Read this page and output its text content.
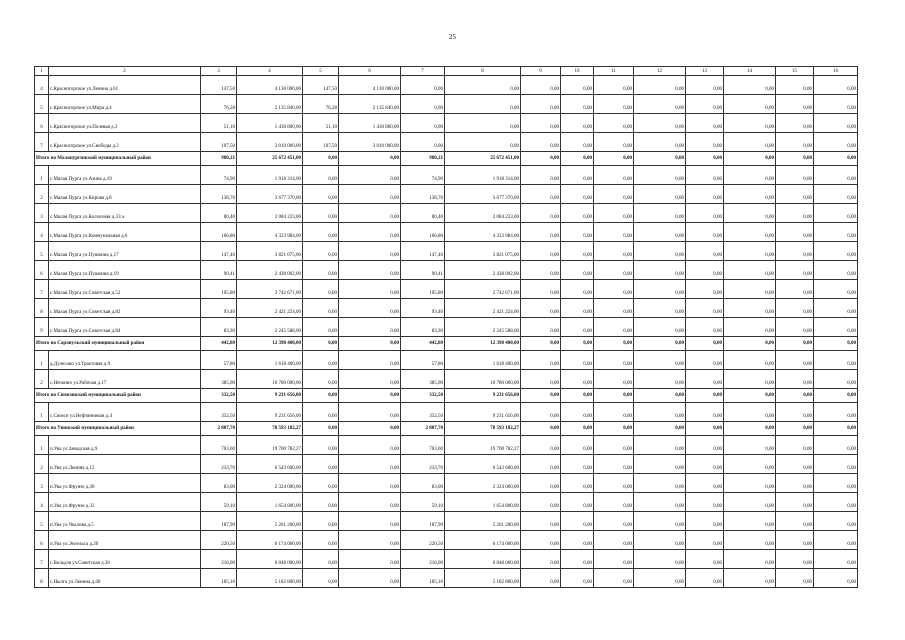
25
1	2	3	4	5	6	7	8	9	10	11	12	13	14	15	16
4	с.Красногорское ул.Ленина д.61	147,50	4 130 000,00	147,50	4 130 000,00	0,00	0,00	0,00	0,00	0,00	0,00	0,00	0,00	0,00	0,00
5	с.Красногорское ул.Мира д.4	76,28	2 135 840,00	76,28	2 135 840,00	0,00	0,00	0,00	0,00	0,00	0,00	0,00	0,00	0,00	0,00
6	с.Красногорское ул.Полевая д.3	51,10	1 430 800,00	51,10	1 430 800,00	0,00	0,00	0,00	0,00	0,00	0,00	0,00	0,00	0,00	0,00
7	с.Красногорское ул.Свободы д.2	107,50	3 010 000,00	107,50	3 010 000,00	0,00	0,00	0,00	0,00	0,00	0,00	0,00	0,00	0,00	0,00
Итого по Малопургинский муниципальный район		980,21	25 672 451,00	0,00	0,00	980,21	25 672 451,00	0,00	0,00	0,00	0,00	0,00	0,00	0,00	0,00
1	с.Малая Пурга ул.Азина д.19	74,90	1 918 314,00	0,00	0,00	74,90	1 918 314,00	0,00	0,00	0,00	0,00	0,00	0,00	0,00	0,00
2	с.Малая Пурга ул.Кирова д.8	138,70	3 677 370,00	0,00	0,00	138,70	3 677 370,00	0,00	0,00	0,00	0,00	0,00	0,00	0,00	0,00
3	с.Малая Пурга ул.Колхозная д.33 а	80,40	2 084 223,00	0,00	0,00	80,40	2 084 223,00	0,00	0,00	0,00	0,00	0,00	0,00	0,00	0,00
4	с.Малая Пурга ул.Коммунальная д.6	166,80	4 323 984,00	0,00	0,00	166,80	4 323 984,00	0,00	0,00	0,00	0,00	0,00	0,00	0,00	0,00
5	с.Малая Пурга ул.Пушкина д.17	147,40	3 821 075,00	0,00	0,00	147,40	3 821 075,00	0,00	0,00	0,00	0,00	0,00	0,00	0,00	0,00
6	с.Малая Пурга ул.Пушкина д.19	90,41	2 438 002,00	0,00	0,00	90,41	2 438 002,00	0,00	0,00	0,00	0,00	0,00	0,00	0,00	0,00
7	с.Малая Пурга ул.Советская д.52	105,80	2 742 671,00	0,00	0,00	105,80	2 742 671,00	0,00	0,00	0,00	0,00	0,00	0,00	0,00	0,00
8	с.Малая Пурга ул.Советская д.82	93,40	2 421 224,00	0,00	0,00	93,40	2 421 224,00	0,00	0,00	0,00	0,00	0,00	0,00	0,00	0,00
9	с.Малая Пурга ул.Советская д.84	83,30	2 245 588,00	0,00	0,00	83,30	2 245 588,00	0,00	0,00	0,00	0,00	0,00	0,00	0,00	0,00
Итого по Сарапульский муниципальный район		442,80	12 398 400,00	0,00	0,00	442,80	12 398 400,00	0,00	0,00	0,00	0,00	0,00	0,00	0,00	0,00
1	д.Дулесово ул.Трактовая д.9	57,80	1 618 400,00	0,00	0,00	57,80	1 618 400,00	0,00	0,00	0,00	0,00	0,00	0,00	0,00	0,00
2	с.Нечкино ул.Рабочая д.17	385,00	10 780 000,00	0,00	0,00	385,00	10 780 000,00	0,00	0,00	0,00	0,00	0,00	0,00	0,00	0,00
Итого по Сюмсинский муниципальный район		332,50	9 231 656,00	0,00	0,00	332,50	9 231 656,00	0,00	0,00	0,00	0,00	0,00	0,00	0,00	0,00
1	с.Сюмси ул.Нефтянников д.4	332,50	9 231 656,00	0,00	0,00	332,50	9 231 656,00	0,00	0,00	0,00	0,00	0,00	0,00	0,00	0,00
Итого по Увинский муниципальный район		2 807,70	78 593 182,27	0,00	0,00	2 807,70	78 593 182,27	0,00	0,00	0,00	0,00	0,00	0,00	0,00	0,00
1	п.Ува ул.Заводская д.9	703,60	19 700 782,27	0,00	0,00	703,60	19 700 782,27	0,00	0,00	0,00	0,00	0,00	0,00	0,00	0,00
2	п.Ува ул.Ленина д.12	233,70	6 543 600,00	0,00	0,00	233,70	6 543 600,00	0,00	0,00	0,00	0,00	0,00	0,00	0,00	0,00
3	п.Ува ул.Фрунзе д.30	83,00	2 324 000,00	0,00	0,00	83,00	2 324 000,00	0,00	0,00	0,00	0,00	0,00	0,00	0,00	0,00
4	п.Ува ул.Фрунзе д.32	59,10	1 654 800,00	0,00	0,00	59,10	1 654 800,00	0,00	0,00	0,00	0,00	0,00	0,00	0,00	0,00
5	п.Ува ул.Чкалова д.5	187,90	5 261 200,00	0,00	0,00	187,90	5 261 200,00	0,00	0,00	0,00	0,00	0,00	0,00	0,00	0,00
6	п.Ува ул.Энгельса д.20	220,50	6 174 000,00	0,00	0,00	220,50	6 174 000,00	0,00	0,00	0,00	0,00	0,00	0,00	0,00	0,00
7	с.Вольдзя ул.Советская д.36	216,00	6 048 000,00	0,00	0,00	216,00	6 048 000,00	0,00	0,00	0,00	0,00	0,00	0,00	0,00	0,00
8	с.Нылга ул.Ленина д.40	185,10	5 182 800,00	0,00	0,00	185,10	5 182 800,00	0,00	0,00	0,00	0,00	0,00	0,00	0,00	0,00
